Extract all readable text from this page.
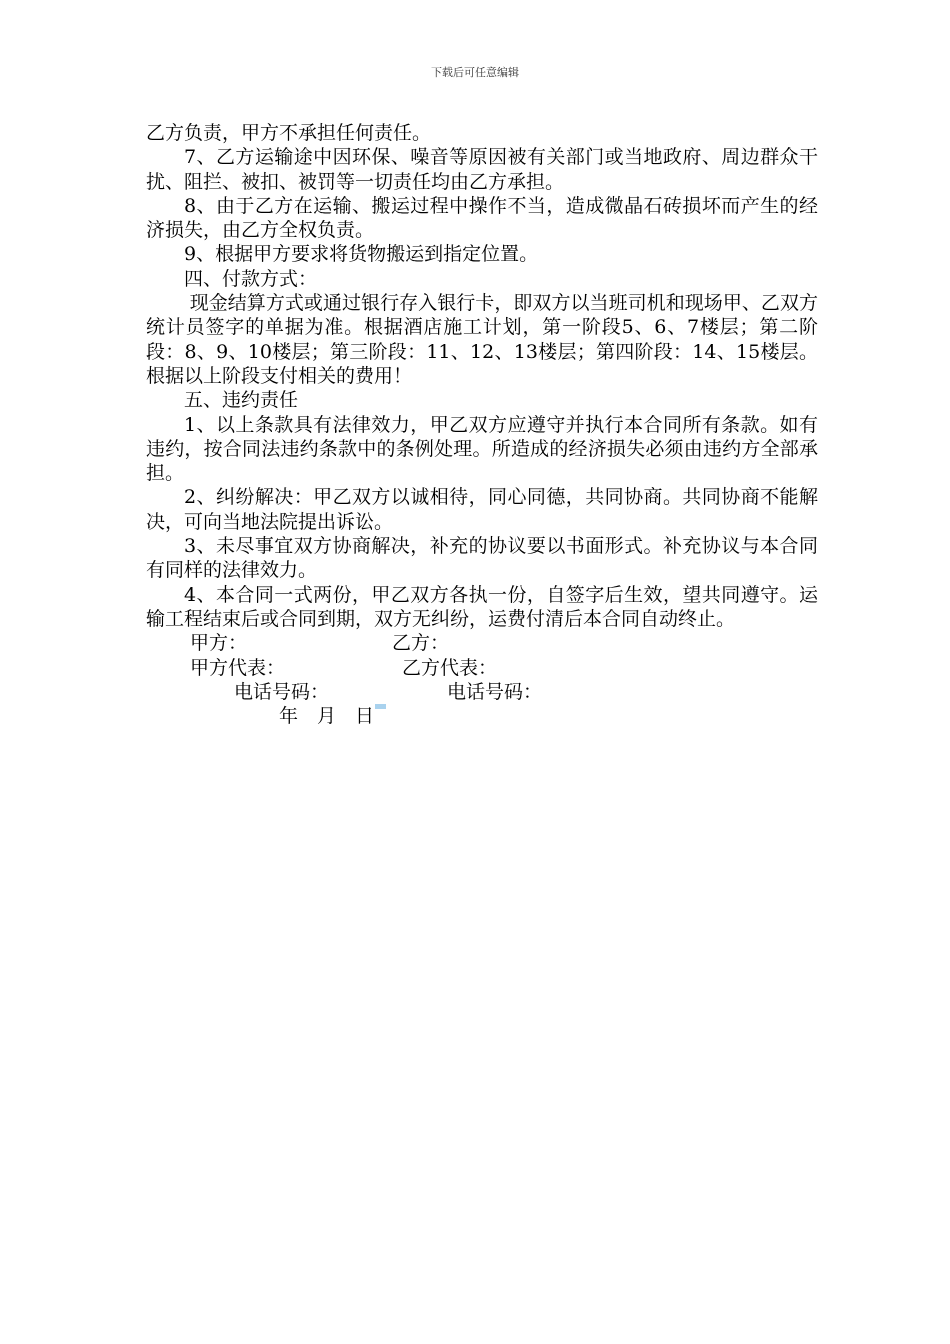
下载后可任意编辑

乙方负责，甲方不承担任何责任。

7、乙方运输途中因环保、噪音等原因被有关部门或当地政府、周边群众干扰、阻拦、被扣、被罚等一切责任均由乙方承担。

8、由于乙方在运输、搬运过程中操作不当，造成微晶石砖损坏而产生的经济损失，由乙方全权负责。

9、根据甲方要求将货物搬运到指定位置。

四、付款方式：

现金结算方式或通过银行存入银行卡，即双方以当班司机和现场甲、乙双方统计员签字的单据为准。根据酒店施工计划，第一阶段5、6、7楼层；第二阶段：8、9、10楼层；第三阶段：11、12、13楼层；第四阶段：14、15楼层。根据以上阶段支付相关的费用！

五、违约责任

1、以上条款具有法律效力，甲乙双方应遵守并执行本合同所有条款。如有违约，按合同法违约条款中的条例处理。所造成的经济损失必须由违约方全部承担。

2、纠纷解决：甲乙双方以诚相待，同心同德，共同协商。共同协商不能解决，可向当地法院提出诉讼。

3、未尽事宜双方协商解决，补充的协议要以书面形式。补充协议与本合同有同样的法律效力。

4、本合同一式两份，甲乙双方各执一份，自签字后生效，望共同遵守。运输工程结束后或合同到期，双方无纠纷，运费付清后本合同自动终止。

甲方：	乙方：
甲方代表：	乙方代表：
电话号码：	电话号码：
年　月　日
